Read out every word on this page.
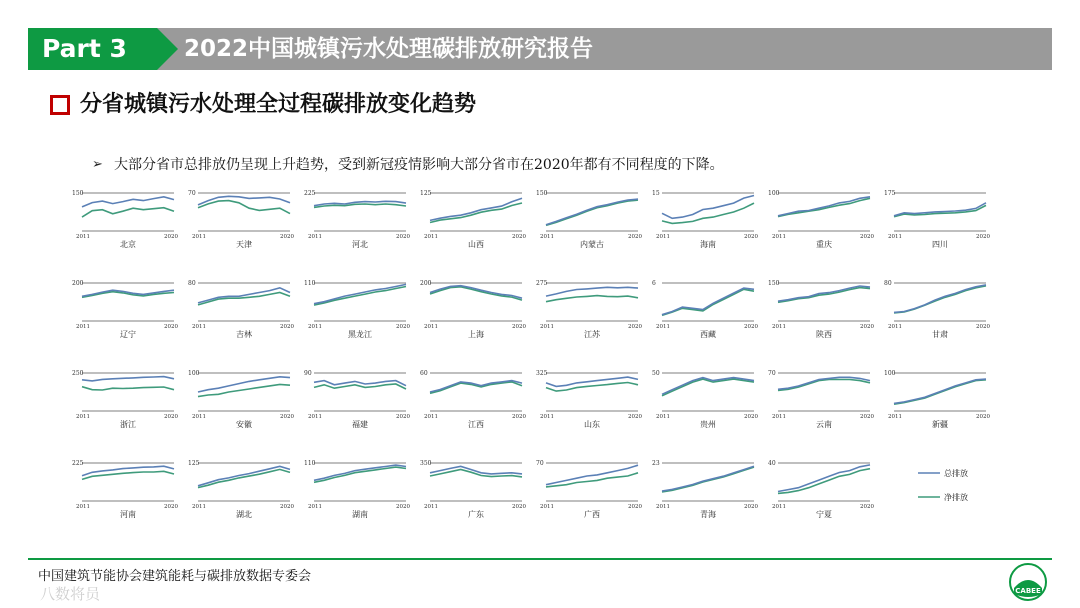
Part 3 2022中国城镇污水处理碳排放研究报告
分省城镇污水处理全过程碳排放变化趋势
➢ 大部分省市总排放仍呈现上升趋势，受到新冠疫情影响大部分省市在2020年都有不同程度的下降。
150
2011	2020
北京
70
2011	2020
天津
225
2011	2020
河北
125
2011	2020
山西
150
2011	2020
内蒙古
15
2011	2020
海南
100
2011	2020
重庆
175
2011	2020
四川
200
2011	2020
辽宁
80
2011	2020
吉林
110
2011	2020
黑龙江
200
2011	2020
上海
275
2011	2020
江苏
6
2011	2020
西藏
150
2011	2020
陕西
80
2011	2020
甘肃
250
2011	2020
浙江
100
2011	2020
安徽
90
2011	2020
福建
60
2011	2020
江西
325
2011	2020
山东
50
2011	2020
贵州
70
2011	2020
云南
100
2011	2020
新疆
225
2011	2020
河南
125
2011	2020
湖北
110
2011	2020
湖南
350
2011	2020
广东
70
2011	2020
广西
23
2011	2020
青海
40
2011	2020
宁夏
总排放
净排放
中国建筑节能协会建筑能耗与碳排放数据专委会
八数将员	CABEE
